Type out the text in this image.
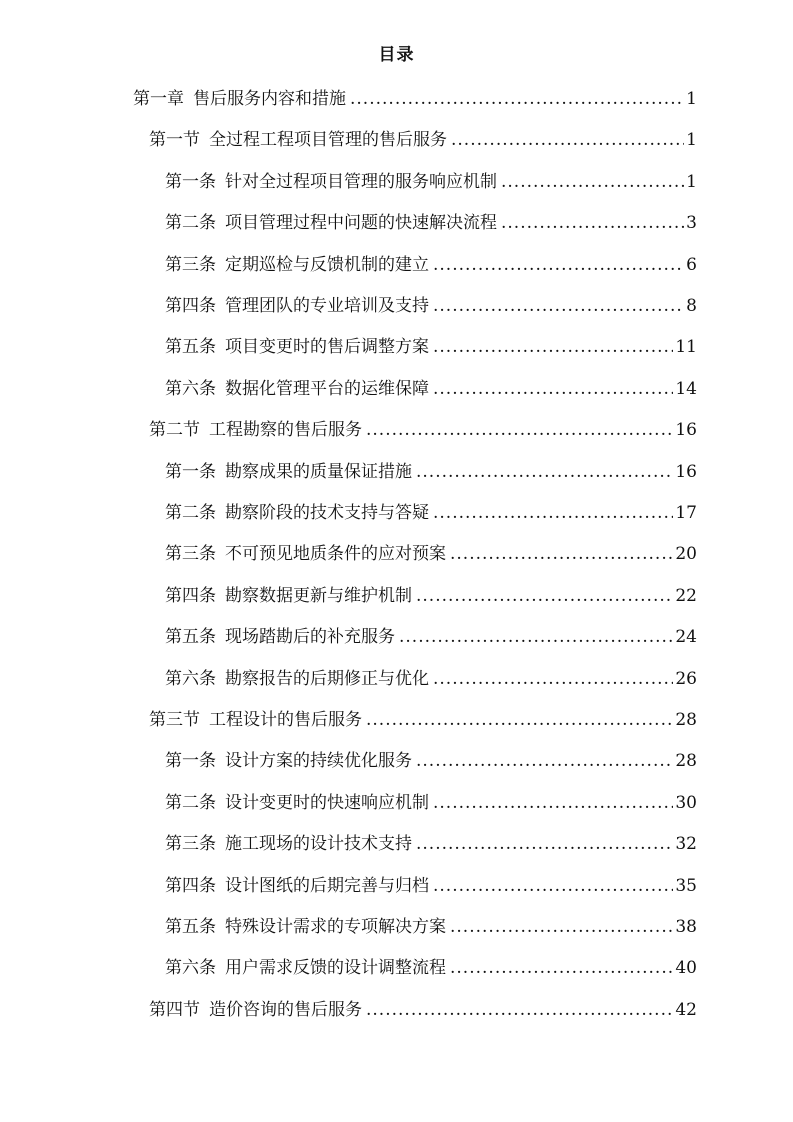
目录
第一章 售后服务内容和措施 .....	1
第一节 全过程工程项目管理的售后服务 .....	1
第一条 针对全过程项目管理的服务响应机制 .....	1
第二条 项目管理过程中问题的快速解决流程 .....	3
第三条 定期巡检与反馈机制的建立 .....	6
第四条 管理团队的专业培训及支持 .....	8
第五条 项目变更时的售后调整方案 .....	11
第六条 数据化管理平台的运维保障 .....	14
第二节 工程勘察的售后服务 .....	16
第一条 勘察成果的质量保证措施 .....	16
第二条 勘察阶段的技术支持与答疑 .....	17
第三条 不可预见地质条件的应对预案 .....	20
第四条 勘察数据更新与维护机制 .....	22
第五条 现场踏勘后的补充服务 .....	24
第六条 勘察报告的后期修正与优化 .....	26
第三节 工程设计的售后服务 .....	28
第一条 设计方案的持续优化服务 .....	28
第二条 设计变更时的快速响应机制 .....	30
第三条 施工现场的设计技术支持 .....	32
第四条 设计图纸的后期完善与归档 .....	35
第五条 特殊设计需求的专项解决方案 .....	38
第六条 用户需求反馈的设计调整流程 .....	40
第四节 造价咨询的售后服务 .....	42
